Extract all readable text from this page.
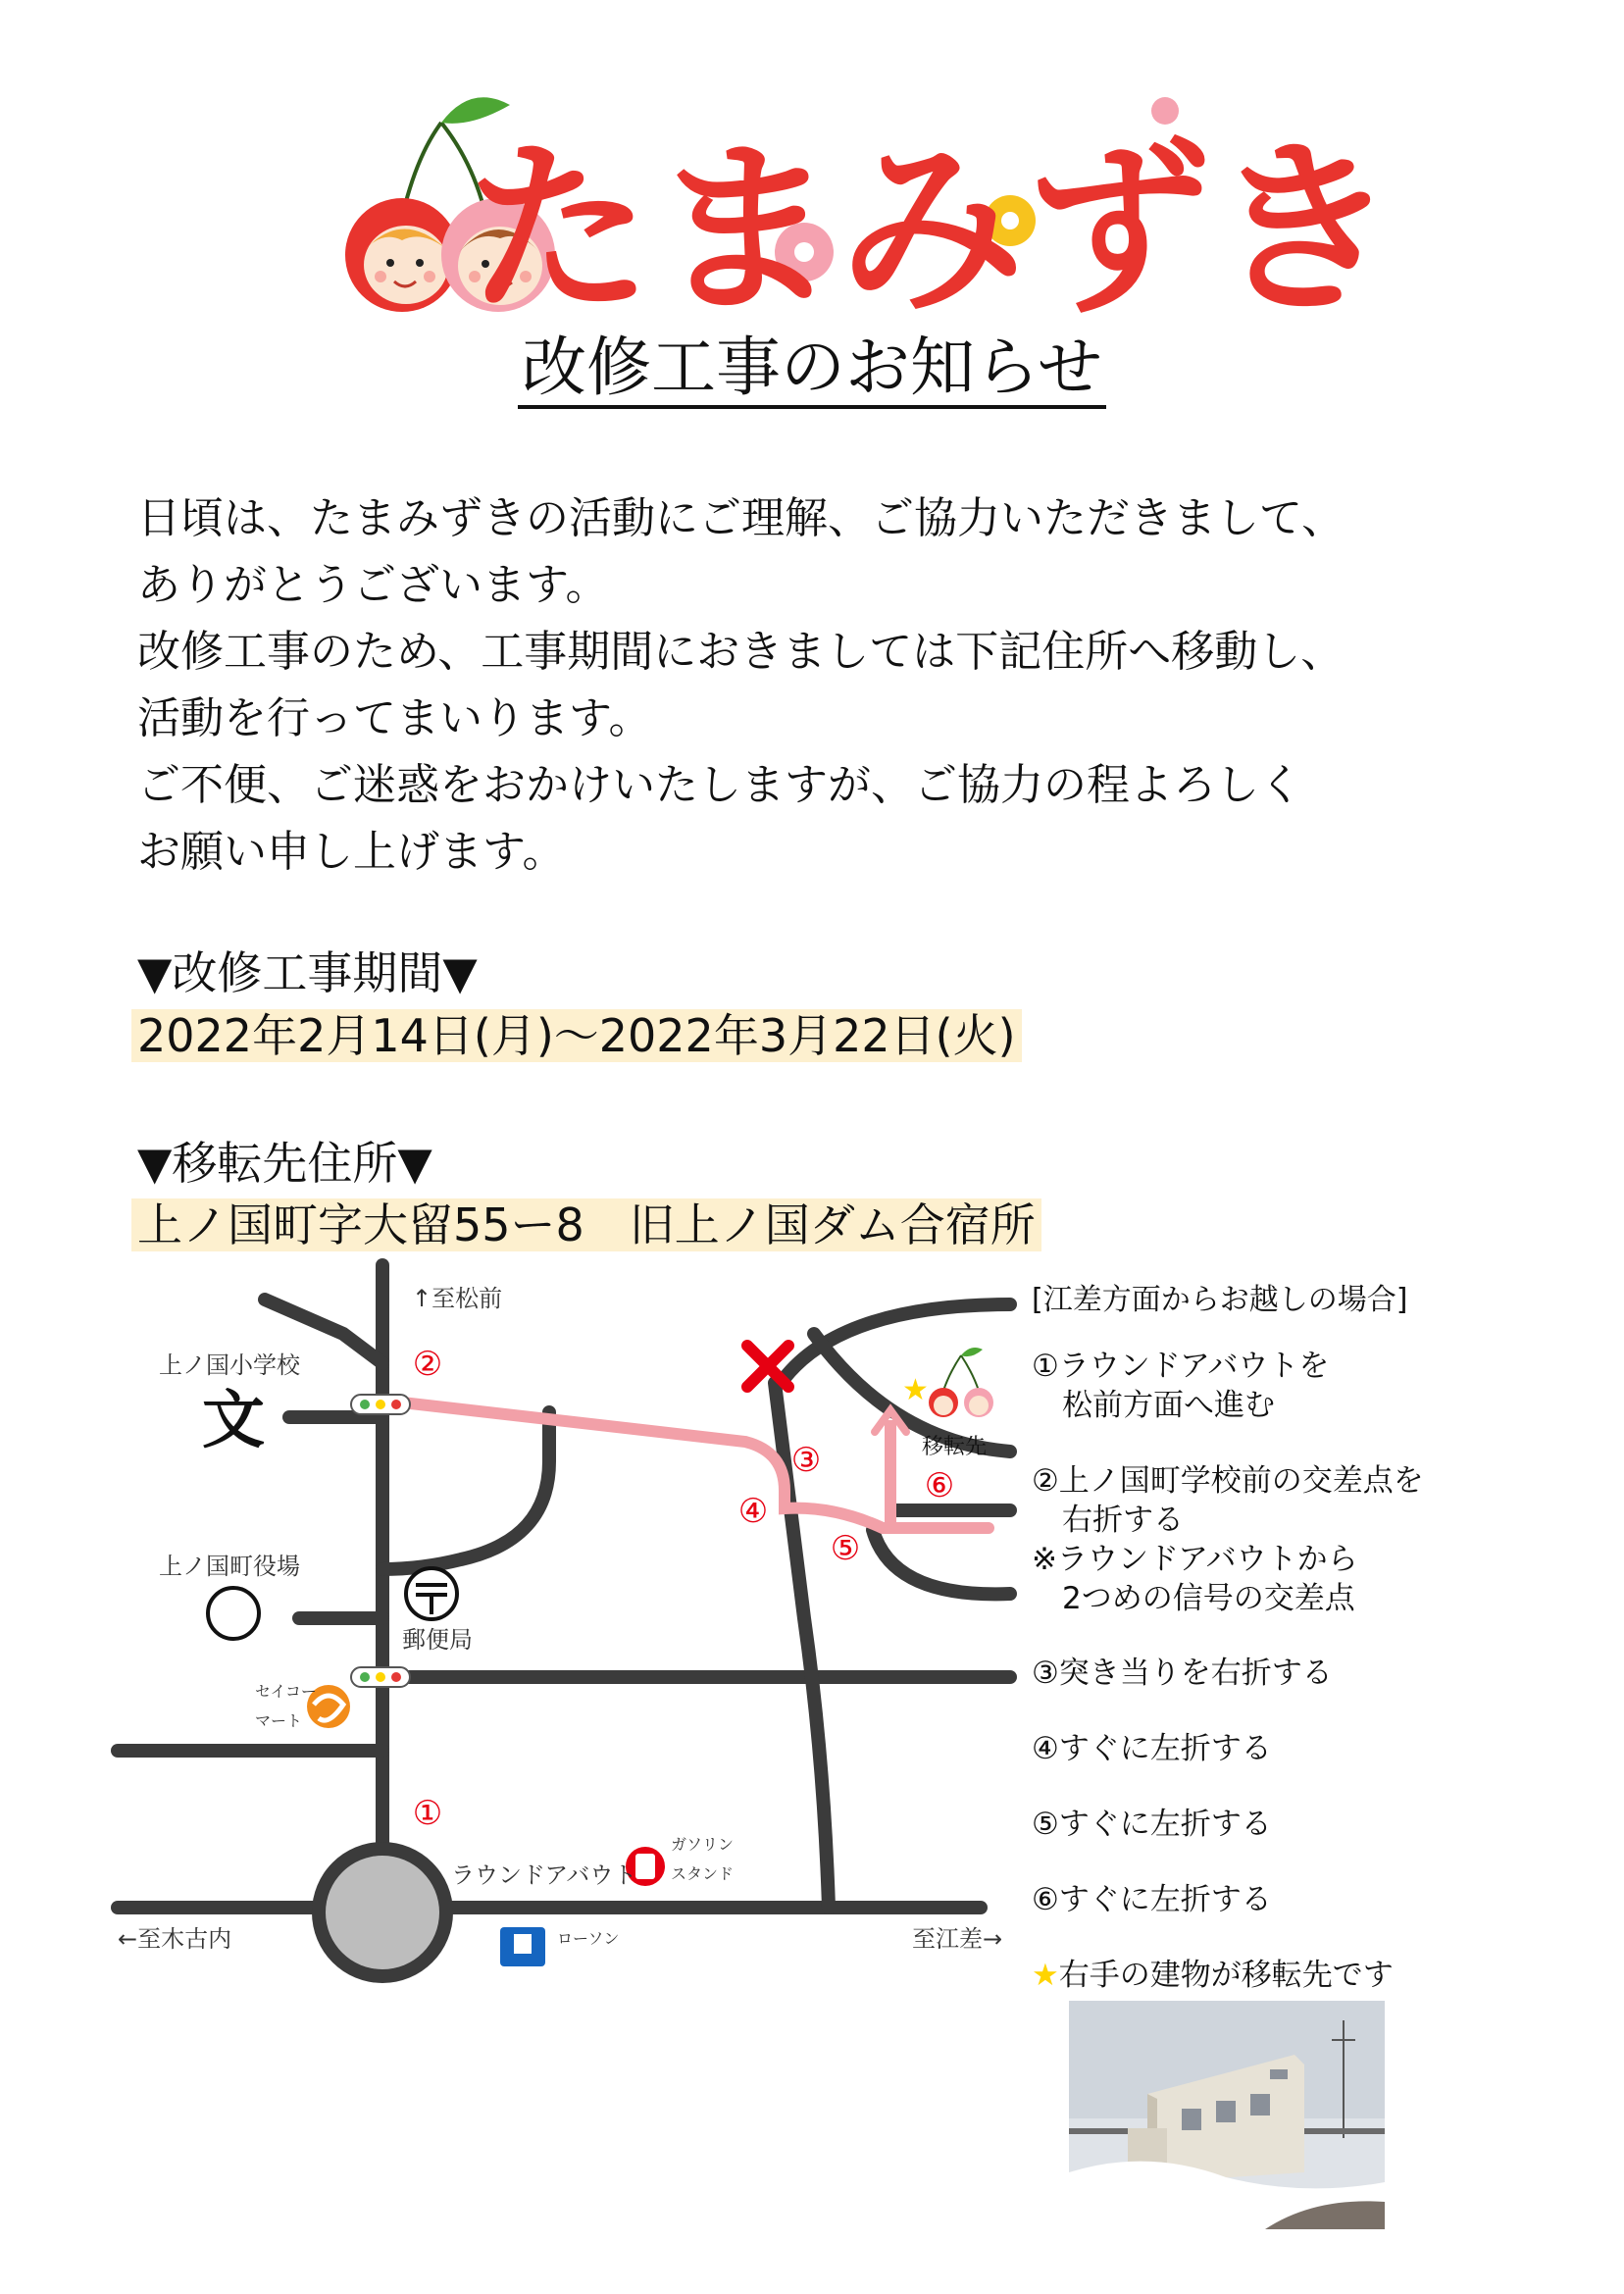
たまみずき
改修工事のお知らせ
日頃は、たまみずきの活動にご理解、ご協力いただきまして、
ありがとうございます。
改修工事のため、工事期間におきましては下記住所へ移動し、
活動を行ってまいります。
ご不便、ご迷惑をおかけいたしますが、ご協力の程よろしく
お願い申し上げます。
▼改修工事期間▼
2022年2月14日(月)〜2022年3月22日(火)
▼移転先住所▼
上ノ国町字大留55ー8　旧上ノ国ダム合宿所
文	★
②
③
④
⑤
⑥
①
↑至松前
上ノ国小学校
上ノ国町役場
郵便局
セイコー
マート
ラウンドアバウト
ガソリン
スタンド
ローソン
←至木古内	至江差→
移転先
[江差方面からお越しの場合]
①ラウンドアバウトを
　松前方面へ進む
②上ノ国町学校前の交差点を
　右折する
※ラウンドアバウトから
　2つめの信号の交差点
③突き当りを右折する
④すぐに左折する
⑤すぐに左折する
⑥すぐに左折する
★右手の建物が移転先です
